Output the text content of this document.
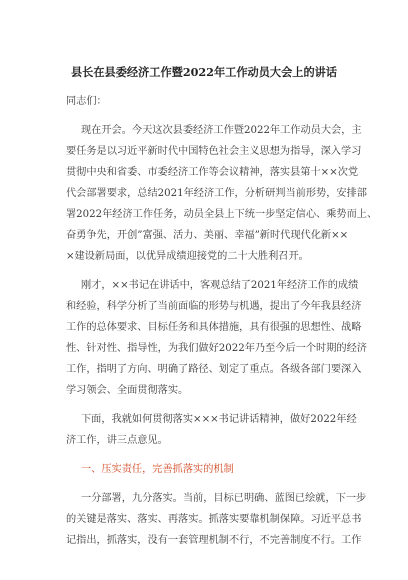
县长在县委经济工作暨2022年工作动员大会上的讲话
同志们：
现在开会。今天这次县委经济工作暨2022年工作动员大会，主
要任务是以习近平新时代中国特色社会主义思想为指导，深入学习
贯彻中央和省委、市委经济工作等会议精神，落实县第十××次党
代会部署要求，总结2021年经济工作，分析研判当前形势，安排部
署2022年经济工作任务，动员全县上下统一步坚定信心、乘势而上、
奋勇争先，开创”富强、活力、美丽、幸福”新时代现代化新××
×建设新局面，以优异成绩迎接党的二十大胜利召开。
刚才，××书记在讲话中，客观总结了2021年经济工作的成绩
和经验，科学分析了当前面临的形势与机遇，提出了今年我县经济
工作的总体要求、目标任务和具体措施，具有很强的思想性、战略
性、针对性、指导性，为我们做好2022年乃至今后一个时期的经济
工作，指明了方向、明确了路径、划定了重点。各级各部门要深入
学习领会、全面贯彻落实。
下面，我就如何贯彻落实×××书记讲话精神，做好2022年经
济工作，讲三点意见。
一、压实责任，完善抓落实的机制
一分部署，九分落实。当前，目标已明确、蓝图已绘就，下一步
的关键是落实、落实、再落实。抓落实要靠机制保障。习近平总书
记指出，抓落实，没有一套管理机制不行，不完善制度不行。工作
